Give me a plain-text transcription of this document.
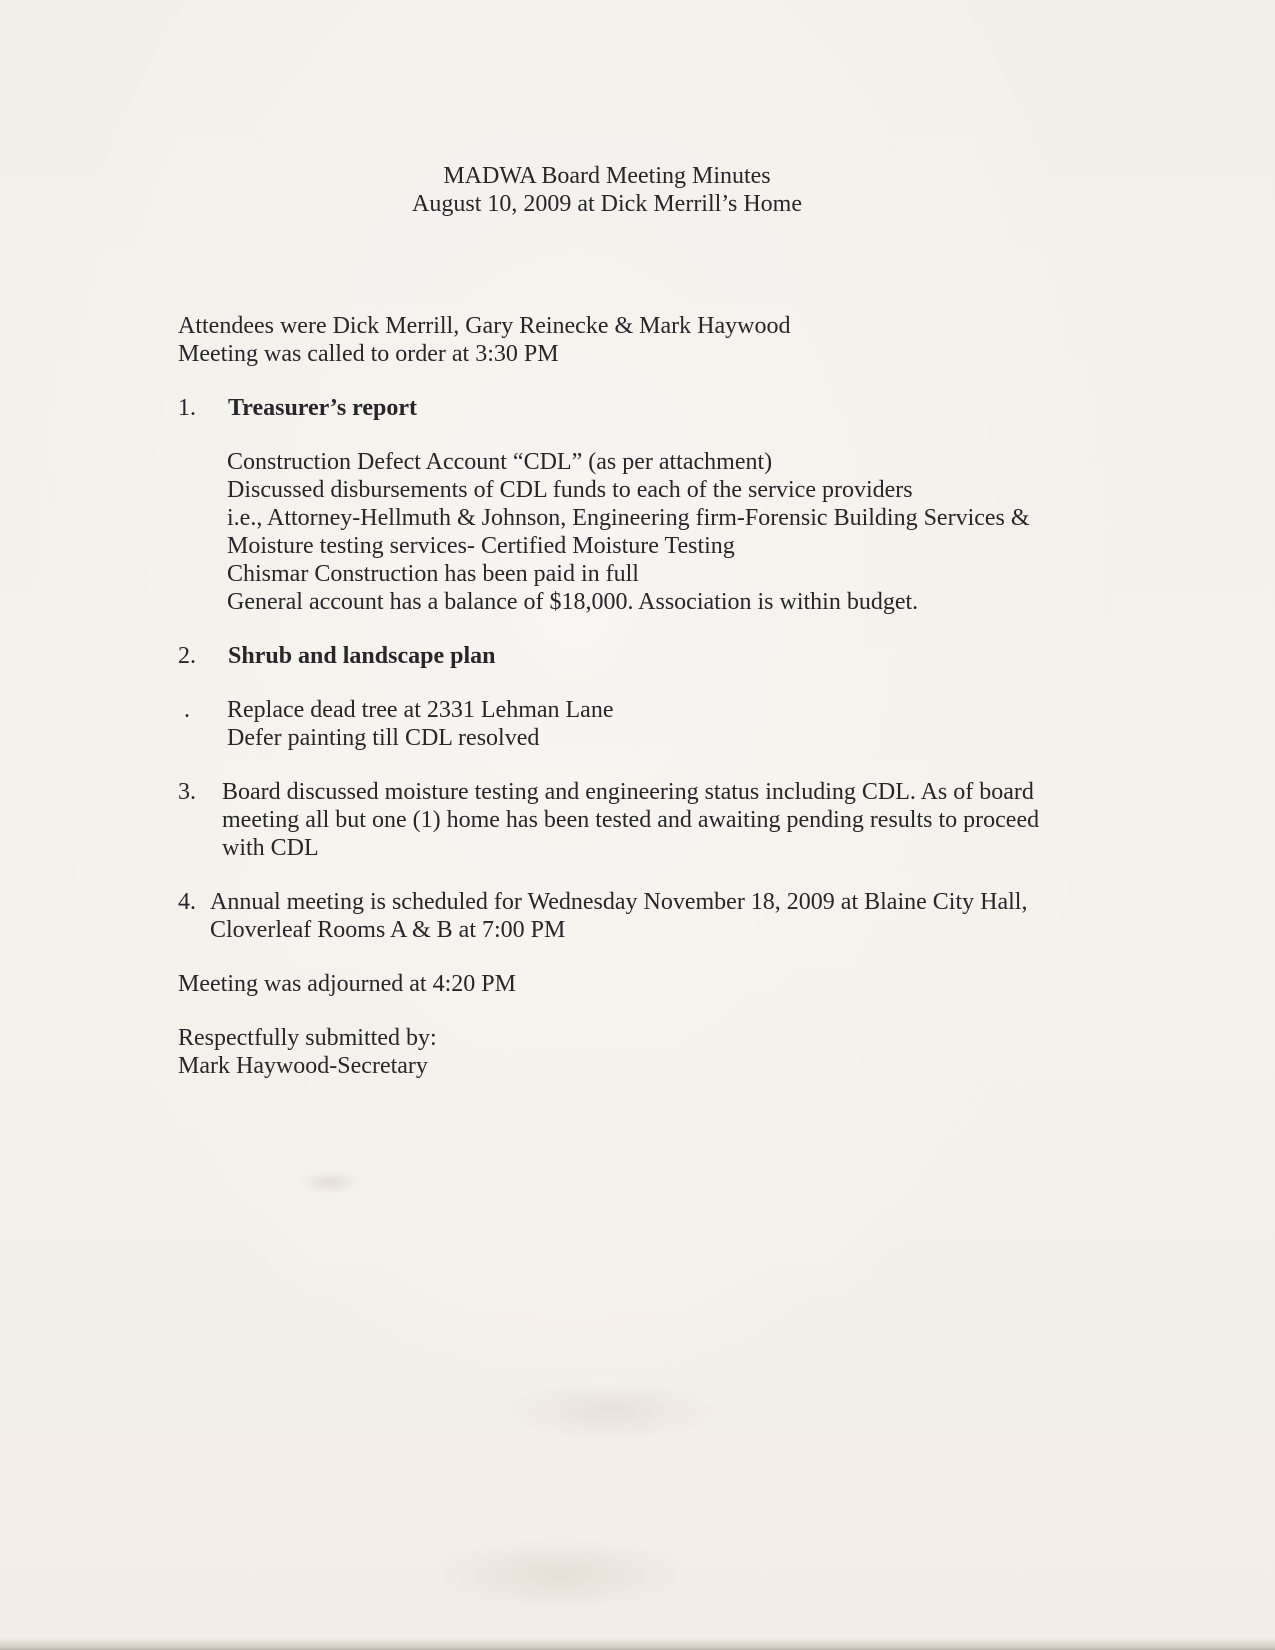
MADWA Board Meeting Minutes
August 10, 2009 at Dick Merrill’s Home
Attendees were Dick Merrill, Gary Reinecke & Mark Haywood
Meeting was called to order at 3:30 PM
1.	Treasurer’s report
Construction Defect Account “CDL” (as per attachment)
Discussed disbursements of CDL funds to each of the service providers
i.e., Attorney-Hellmuth & Johnson, Engineering firm-Forensic Building Services &
Moisture testing services- Certified Moisture Testing
Chismar Construction has been paid in full
General account has a balance of $18,000. Association is within budget.
2.	Shrub and landscape plan
. Replace dead tree at 2331 Lehman Lane
Defer painting till CDL resolved
3. Board discussed moisture testing and engineering status including CDL. As of board
meeting all but one (1) home has been tested and awaiting pending results to proceed
with CDL
4. Annual meeting is scheduled for Wednesday November 18, 2009 at Blaine City Hall,
Cloverleaf Rooms A & B at 7:00 PM
Meeting was adjourned at 4:20 PM
Respectfully submitted by:
Mark Haywood-Secretary
